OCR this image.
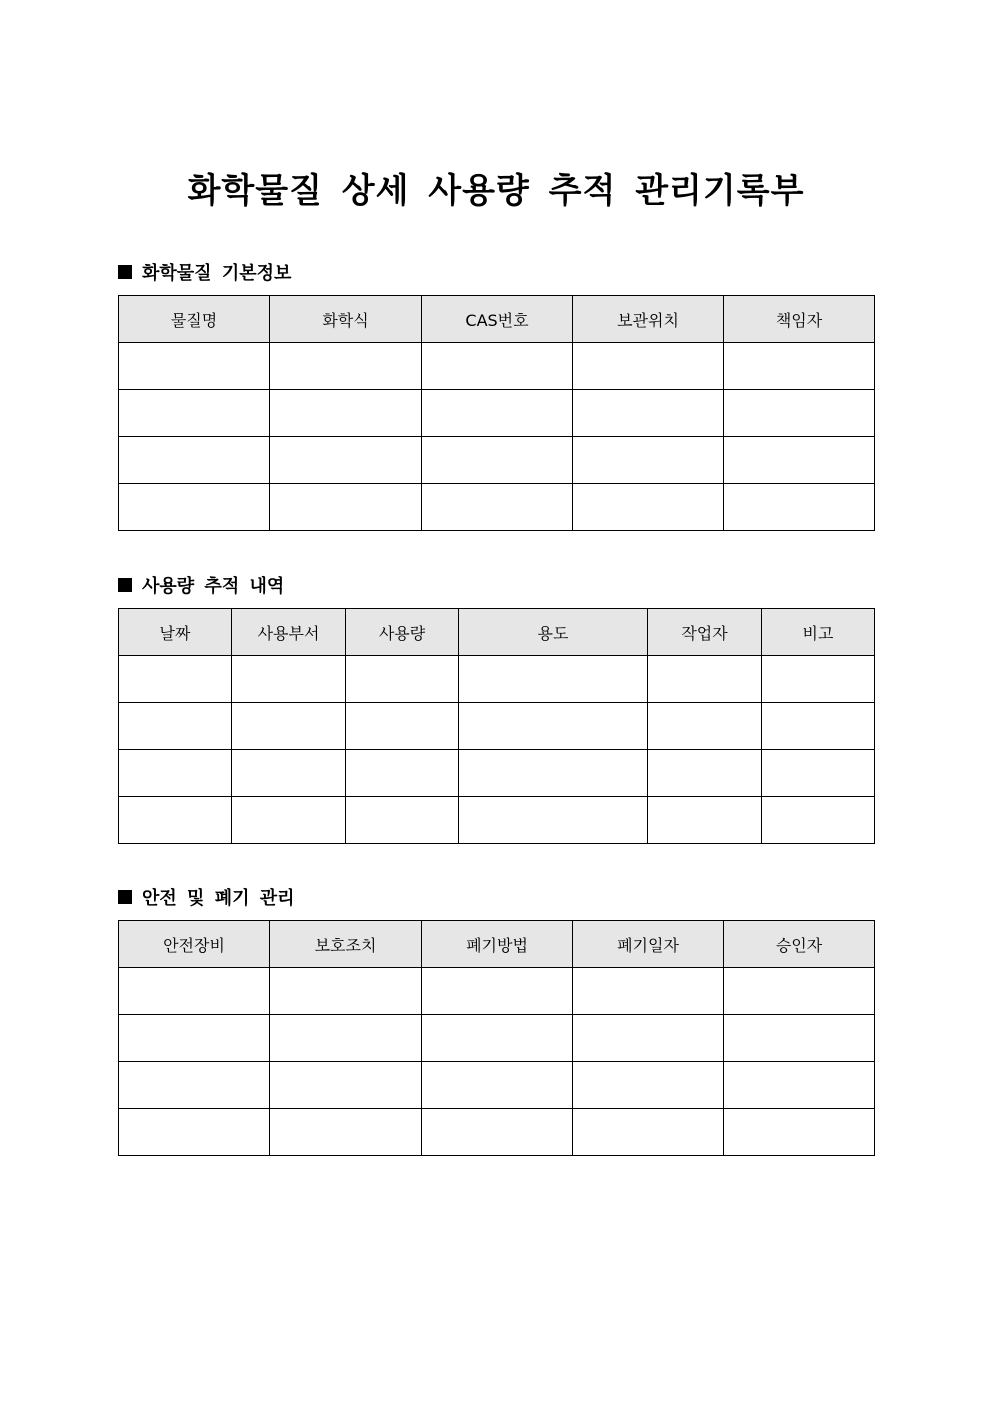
화학물질 상세 사용량 추적 관리기록부
화학물질 기본정보
물질명	화학식	CAS번호	보관위치	책임자

사용량 추적 내역
날짜	사용부서	사용량	용도	작업자	비고

안전 및 폐기 관리
안전장비	보호조치	폐기방법	폐기일자	승인자
